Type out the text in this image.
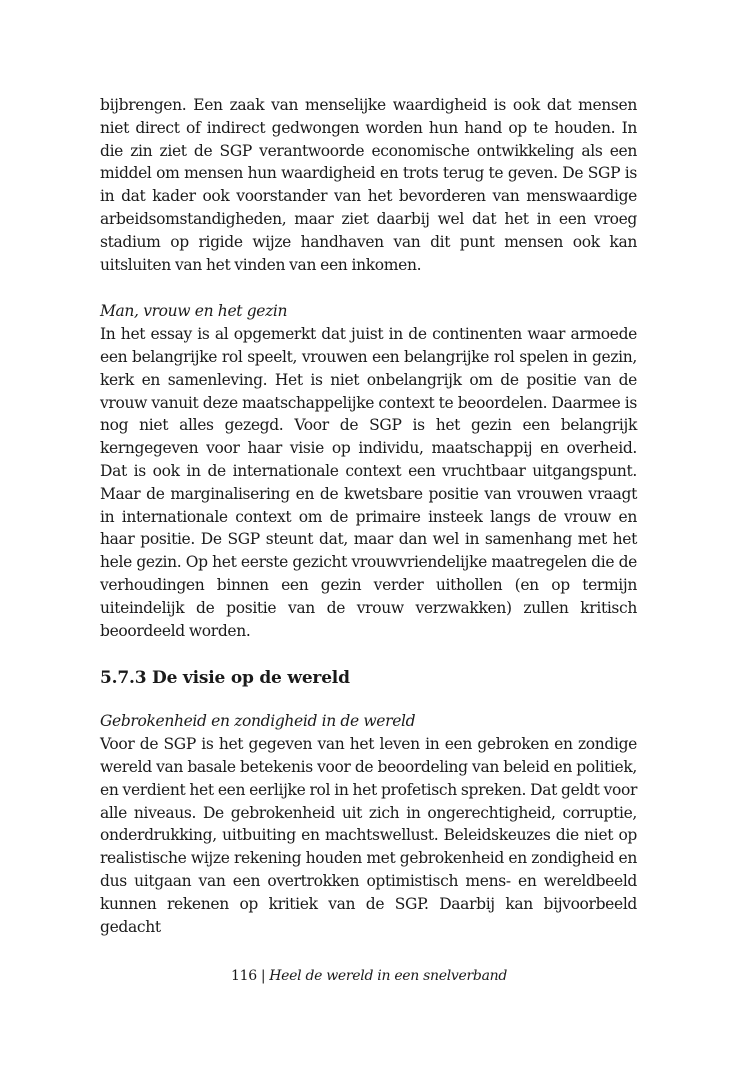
bijbrengen. Een zaak van menselijke waardigheid is ook dat mensen niet direct of indirect gedwongen worden hun hand op te houden. In die zin ziet de SGP verantwoorde economische ontwikkeling als een middel om mensen hun waardigheid en trots terug te geven. De SGP is in dat kader ook voorstander van het bevorderen van menswaardige arbeidsomstandigheden, maar ziet daarbij wel dat het in een vroeg stadium op rigide wijze handhaven van dit punt mensen ook kan uitsluiten van het vinden van een inkomen.

Man, vrouw en het gezin

In het essay is al opgemerkt dat juist in de continenten waar armoede een belangrijke rol speelt, vrouwen een belangrijke rol spelen in gezin, kerk en samenleving. Het is niet onbelangrijk om de positie van de vrouw vanuit deze maatschappelijke context te beoordelen. Daarmee is nog niet alles gezegd. Voor de SGP is het gezin een belangrijk kerngegeven voor haar visie op individu, maatschappij en overheid. Dat is ook in de internationale context een vruchtbaar uitgangspunt. Maar de marginalisering en de kwetsbare positie van vrouwen vraagt in internationale context om de primaire insteek langs de vrouw en haar positie. De SGP steunt dat, maar dan wel in samenhang met het hele gezin. Op het eerste gezicht vrouwvriendelijke maatregelen die de verhoudingen binnen een gezin verder uithollen (en op termijn uiteindelijk de positie van de vrouw verzwakken) zullen kritisch beoordeeld worden.

5.7.3 De visie op de wereld

Gebrokenheid en zondigheid in de wereld

Voor de SGP is het gegeven van het leven in een gebroken en zondige wereld van basale betekenis voor de beoordeling van beleid en politiek, en verdient het een eerlijke rol in het profetisch spreken. Dat geldt voor alle niveaus. De gebrokenheid uit zich in ongerechtigheid, corruptie, onderdrukking, uitbuiting en machtswellust. Beleidskeuzes die niet op realistische wijze rekening houden met gebrokenheid en zondigheid en dus uitgaan van een overtrokken optimistisch mens- en wereldbeeld kunnen rekenen op kritiek van de SGP. Daarbij kan bijvoorbeeld gedacht

116 | Heel de wereld in een snelverband
